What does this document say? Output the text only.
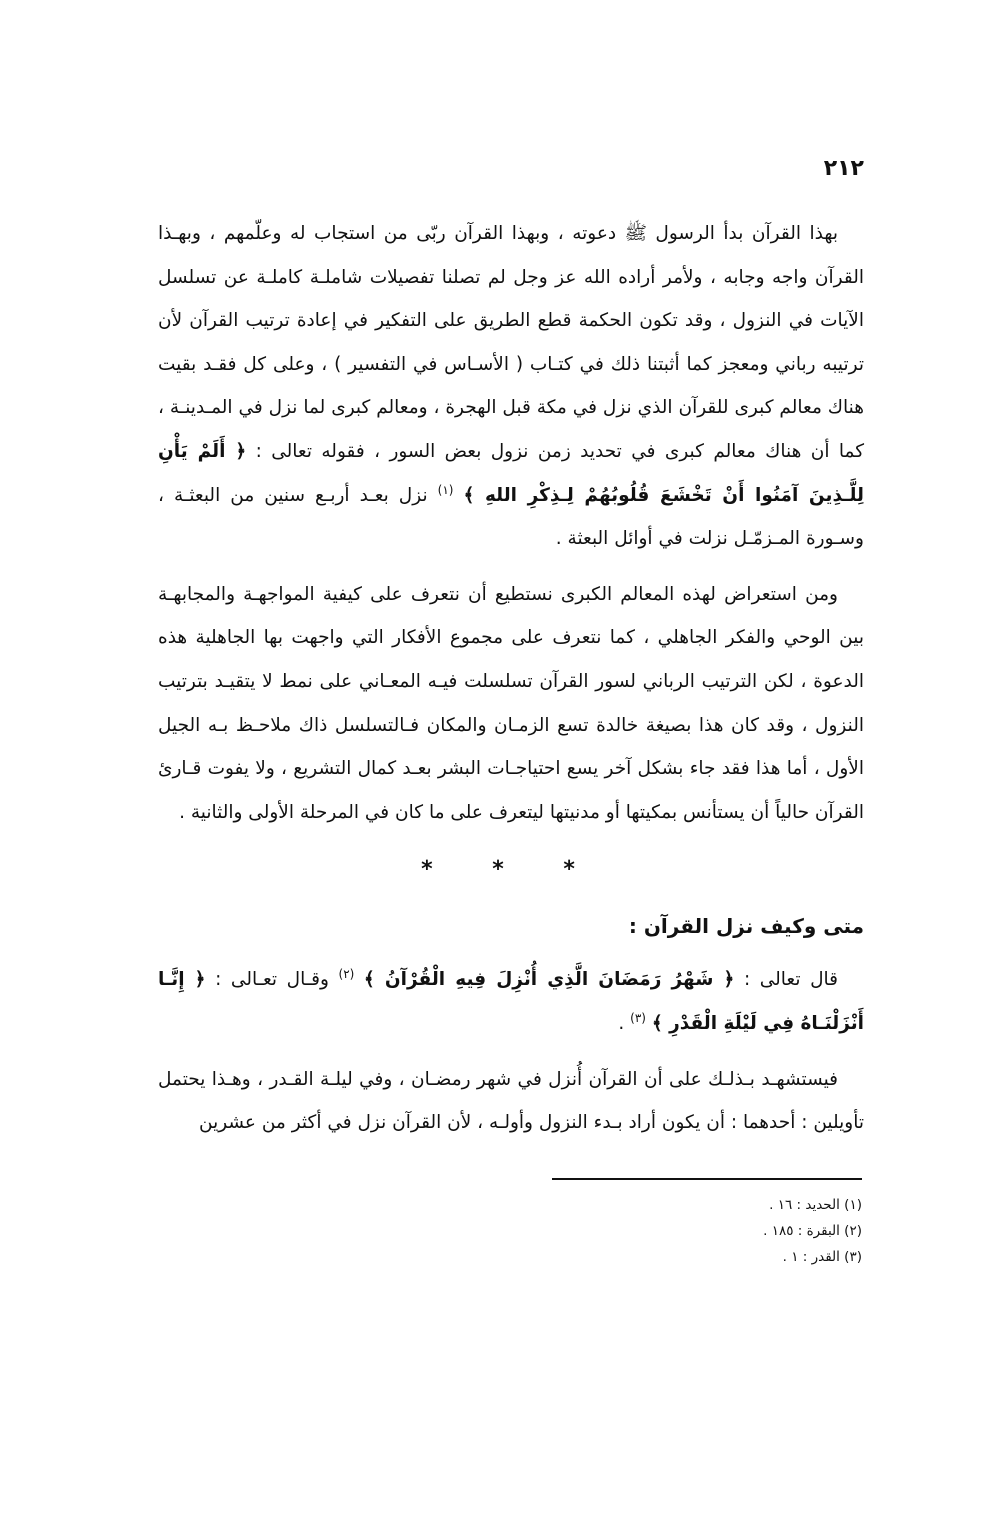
٢١٢

بهذا القرآن بدأ الرسول ﷺ دعوته ، وبهذا القرآن ربّى من استجاب له وعلّمهم ، وبهـذا القرآن واجه وجابه ، ولأمر أراده الله عز وجل لم تصلنا تفصيلات شاملـة كاملـة عن تسلسل الآيات في النزول ، وقد تكون الحكمة قطع الطريق على التفكير في إعادة ترتيب القرآن لأن ترتيبه رباني ومعجز كما أثبتنا ذلك في كتـاب ( الأسـاس في التفسير ) ، وعلى كل فقـد بقيت هناك معالم كبرى للقرآن الذي نزل في مكة قبل الهجرة ، ومعالم كبرى لما نزل في المـدينـة ، كما أن هناك معالم كبرى في تحديد زمن نزول بعض السور ، فقوله تعالى : ﴿ أَلَمْ يَأْنِ لِلَّـذِينَ آمَنُوا أَنْ تَخْشَعَ قُلُوبُهُمْ لِـذِكْرِ اللهِ ﴾ $^{(١)}$ نزل بعـد أربـع سنين من البعثـة ، وسـورة المـزمّـل نزلت في أوائل البعثة .

ومن استعراض لهذه المعالم الكبرى نستطيع أن نتعرف على كيفية المواجهـة والمجابهـة بين الوحي والفكر الجاهلي ، كما نتعرف على مجموع الأفكار التي واجهت بها الجاهلية هذه الدعوة ، لكن الترتيب الرباني لسور القرآن تسلسلت فيـه المعـاني على نمط لا يتقيـد بترتيب النزول ، وقد كان هذا بصيغة خالدة تسع الزمـان والمكان فـالتسلسل ذاك ملاحـظ بـه الجيل الأول ، أما هذا فقد جاء بشكل آخر يسع احتياجـات البشر بعـد كمال التشريع ، ولا يفوت قـارئ القرآن حالياً أن يستأنس بمكيتها أو مدنيتها ليتعرف على ما كان في المرحلة الأولى والثانية .

* * *
متى وكيف نزل القرآن :

قال تعالى : ﴿ شَهْرُ رَمَضَانَ الَّذِي أُنْزِلَ فِيهِ الْقُرْآنُ ﴾ $^{(٢)}$ وقـال تعـالى : ﴿ إِنَّـا أَنْزَلْنَـاهُ فِي لَيْلَةِ الْقَدْرِ ﴾ $^{(٣)}$ .

فيستشهـد بـذلـك على أن القرآن أُنزل في شهر رمضـان ، وفي ليلـة القـدر ، وهـذا يحتمل تأويلين : أحدهما : أن يكون أراد بـدء النزول وأولـه ، لأن القرآن نزل في أكثر من عشرين

(١) الحديد : ١٦ .
(٢) البقرة : ١٨٥ .
(٣) القدر : ١ .
